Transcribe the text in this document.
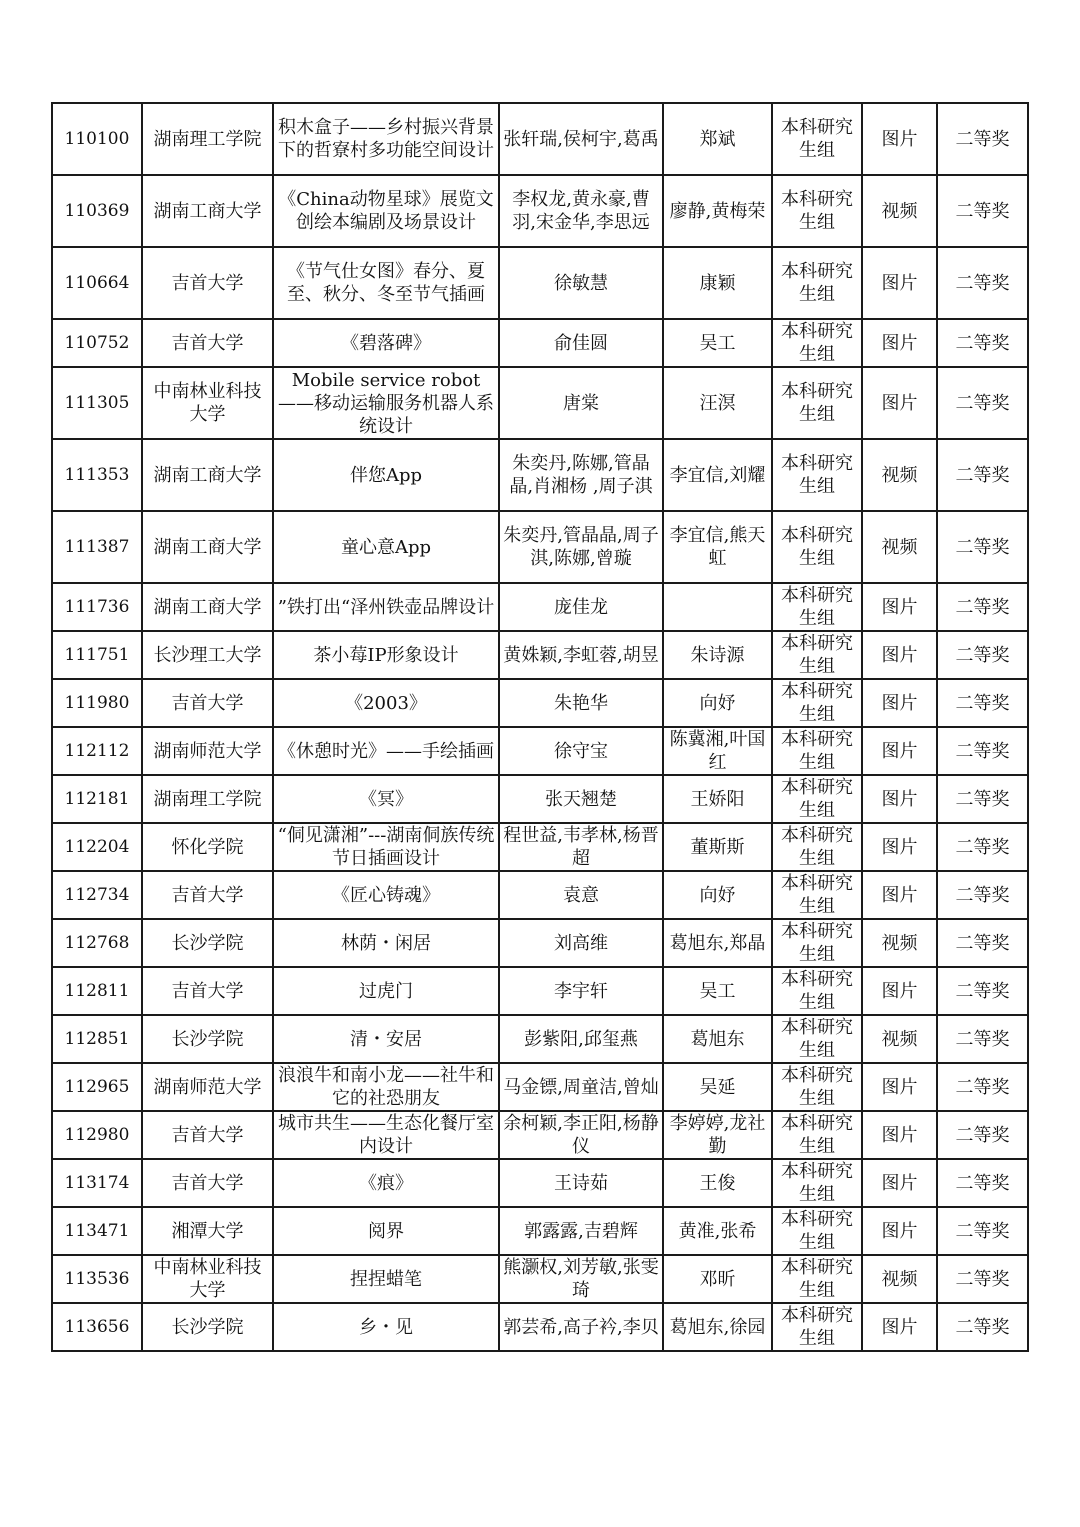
110100	湖南理工学院	积木盒子——乡村振兴背景下的哲寮村多功能空间设计	张轩瑞,侯柯宇,葛禹	郑斌	本科研究生组	图片	二等奖
110369	湖南工商大学	《China动物星球》展览文创绘本编剧及场景设计	李权龙,黄永豪,曹羽,宋金华,李思远	廖静,黄梅荣	本科研究生组	视频	二等奖
110664	吉首大学	《节气仕女图》春分、夏至、秋分、冬至节气插画	徐敏慧	康颖	本科研究生组	图片	二等奖
110752	吉首大学	《碧落碑》	俞佳圆	吴工	本科研究生组	图片	二等奖
111305	中南林业科技大学	Mobile service robot——移动运输服务机器人系统设计	唐棠	汪溟	本科研究生组	图片	二等奖
111353	湖南工商大学	伴您App	朱奕丹,陈娜,管晶晶,肖湘杨 ,周子淇	李宜信,刘耀	本科研究生组	视频	二等奖
111387	湖南工商大学	童心意App	朱奕丹,管晶晶,周子淇,陈娜,曾璇	李宜信,熊天虹	本科研究生组	视频	二等奖
111736	湖南工商大学	”铁打出“泽州铁壶品牌设计	庞佳龙		本科研究生组	图片	二等奖
111751	长沙理工大学	茶小莓IP形象设计	黄姝颖,李虹蓉,胡昱	朱诗源	本科研究生组	图片	二等奖
111980	吉首大学	《2003》	朱艳华	向妤	本科研究生组	图片	二等奖
112112	湖南师范大学	《休憩时光》——手绘插画	徐守宝	陈冀湘,叶国红	本科研究生组	图片	二等奖
112181	湖南理工学院	《冥》	张天翘楚	王娇阳	本科研究生组	图片	二等奖
112204	怀化学院	“侗见潇湘”---湖南侗族传统节日插画设计	程世益,韦孝林,杨晋超	董斯斯	本科研究生组	图片	二等奖
112734	吉首大学	《匠心铸魂》	袁意	向妤	本科研究生组	图片	二等奖
112768	长沙学院	林荫・闲居	刘高维	葛旭东,郑晶	本科研究生组	视频	二等奖
112811	吉首大学	过虎门	李宇轩	吴工	本科研究生组	图片	二等奖
112851	长沙学院	清・安居	彭紫阳,邱玺燕	葛旭东	本科研究生组	视频	二等奖
112965	湖南师范大学	浪浪牛和南小龙——社牛和它的社恐朋友	马金镖,周童洁,曾灿	吴延	本科研究生组	图片	二等奖
112980	吉首大学	城市共生——生态化餐厅室内设计	余柯颖,李正阳,杨静仪	李婷婷,龙社勤	本科研究生组	图片	二等奖
113174	吉首大学	《痕》	王诗茹	王俊	本科研究生组	图片	二等奖
113471	湘潭大学	阅界	郭露露,吉碧辉	黄准,张希	本科研究生组	图片	二等奖
113536	中南林业科技大学	捏捏蜡笔	熊灏权,刘芳敏,张雯琦	邓昕	本科研究生组	视频	二等奖
113656	长沙学院	乡・见	郭芸希,高子衿,李贝	葛旭东,徐园	本科研究生组	图片	二等奖
